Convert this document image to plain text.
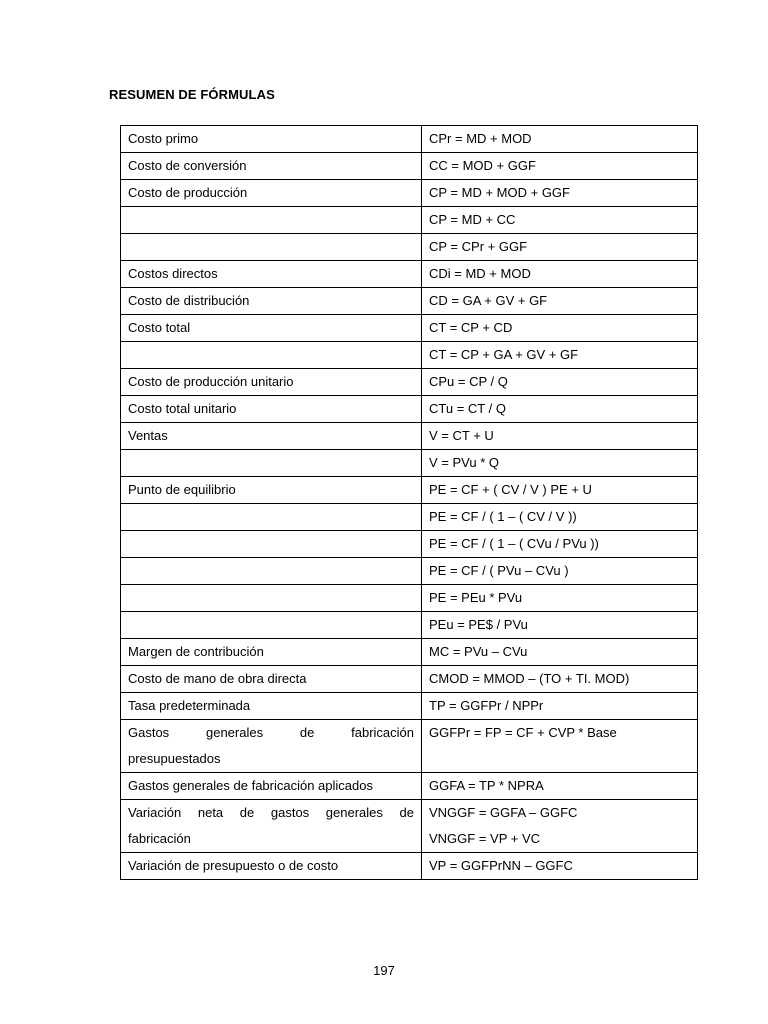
RESUMEN DE FÓRMULAS
Costo primo	CPr = MD + MOD
Costo de conversión	CC = MOD + GGF
Costo de producción	CP = MD + MOD + GGF
	CP = MD + CC
	CP = CPr + GGF
Costos directos	CDi = MD + MOD
Costo de distribución	CD = GA + GV + GF
Costo total	CT = CP + CD
	CT = CP + GA + GV + GF
Costo de producción unitario	CPu = CP / Q
Costo total unitario	CTu = CT / Q
Ventas	V = CT + U
	V = PVu * Q
Punto de equilibrio	PE = CF + ( CV / V ) PE + U
	PE = CF / ( 1 – ( CV / V ))
	PE = CF / ( 1 – ( CVu / PVu ))
	PE = CF / ( PVu – CVu )
	PE = PEu * PVu
	PEu = PE$ / PVu
Margen de contribución	MC = PVu – CVu
Costo de mano de obra directa	CMOD = MMOD – (TO + TI. MOD)
Tasa predeterminada	TP = GGFPr / NPPr

Gastos generales de fabricación
presupuestados	GGFPr = FP = CF + CVP * Base
Gastos generales de fabricación aplicados	GGFA = TP * NPRA

Variación neta de gastos generales de
fabricación	VNGGF = GGFA – GGFC
VNGGF = VP + VC

Variación de presupuesto o de costo	VP = GGFPrNN – GGFC
197
